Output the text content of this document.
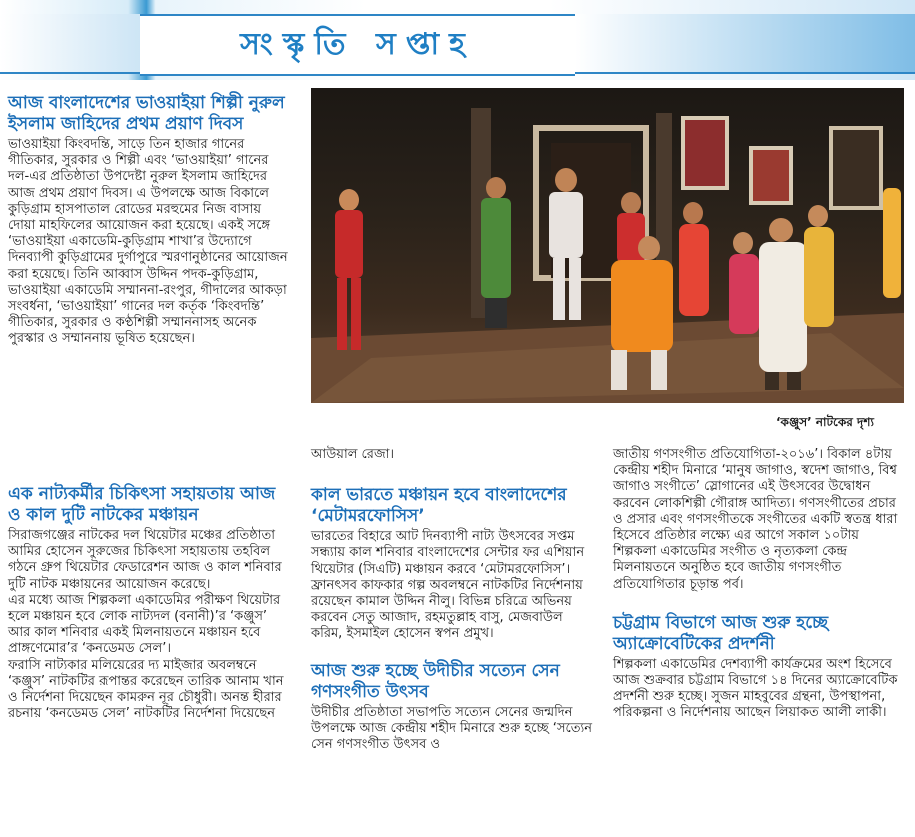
সংস্কৃতি সপ্তাহ
আজ বাংলাদেশের ভাওয়াইয়া শিল্পী নুরুল ইসলাম জাহিদের প্রথম প্রয়াণ দিবস

ভাওয়াইয়া কিংবদন্তি, সাড়ে তিন হাজার গানের গীতিকার, সুরকার ও শিল্পী এবং ‘ভাওয়াইয়া’ গানের দল-এর প্রতিষ্ঠাতা উপদেষ্টা নুরুল ইসলাম জাহিদের আজ প্রথম প্রয়াণ দিবস। এ উপলক্ষে আজ বিকালে কুড়িগ্রাম হাসপাতাল রোডের মরহুমের নিজ বাসায় দোয়া মাহফিলের আয়োজন করা হয়েছে। একই সঙ্গে ‘ভাওয়াইয়া একাডেমি-কুড়িগ্রাম শাখা’র উদ্যোগে দিনব্যাপী কুড়িগ্রামের দুর্গাপুরে স্মরণানুষ্ঠানের আয়োজন করা হয়েছে। তিনি আব্বাস উদ্দিন পদক-কুড়িগ্রাম, ভাওয়াইয়া একাডেমি সম্মাননা-রংপুর, গীদালের আকড়া সংবর্ধনা, ‘ভাওয়াইয়া’ গানের দল কর্তৃক ‘কিংবদন্তি’ গীতিকার, সুরকার ও কণ্ঠশিল্পী সম্মাননাসহ অনেক পুরস্কার ও সম্মাননায় ভূষিত হয়েছেন।

এক নাট্যকর্মীর চিকিৎসা সহায়তায় আজ ও কাল দুটি নাটকের মঞ্চায়ন

সিরাজগঞ্জের নাটকের দল থিয়েটার মঞ্চের প্রতিষ্ঠাতা আমির হোসেন সুরুজের চিকিৎসা সহায়তায় তহবিল গঠনে গ্রুপ থিয়েটার ফেডারেশন আজ ও কাল শনিবার দুটি নাটক মঞ্চায়নের আয়োজন করেছে।

এর মধ্যে আজ শিল্পকলা একাডেমির পরীক্ষণ থিয়েটার হলে মঞ্চায়ন হবে লোক নাট্যদল (বনানী)’র ‘কঞ্জুস’ আর কাল শনিবার একই মিলনায়তনে মঞ্চায়ন হবে প্রাঙ্গণেমোর’র ‘কনডেমড সেল’।

ফরাসি নাট্যকার মলিয়েরের দ্য মাইজার অবলম্বনে ‘কঞ্জুস’ নাটকটির রূপান্তর করেছেন তারিক আনাম খান ও নির্দেশনা দিয়েছেন কামরুন নূর চৌধুরী। অনন্ত হীরার রচনায় ‘কনডেমড সেল’ নাটকটির নির্দেশনা দিয়েছেন

‘কঞ্জুস’ নাটকের দৃশ্য

আউয়াল রেজা।

কাল ভারতে মঞ্চায়ন হবে বাংলাদেশের ‘মেটামরফোসিস’

ভারতের বিহারে আট দিনব্যাপী নাট্য উৎসবের সপ্তম সন্ধ্যায় কাল শনিবার বাংলাদেশের সেন্টার ফর এশিয়ান থিয়েটার (সিএটি) মঞ্চায়ন করবে ‘মেটামরফোসিস’।

ফ্রানৎসব কাফকার গল্প অবলম্বনে নাটকটির নির্দেশনায় রয়েছেন কামাল উদ্দিন নীলু। বিভিন্ন চরিত্রে অভিনয় করবেন সেতু আজাদ, রহমতুল্লাহ বাসু, মেজবাউল করিম, ইসমাইল হোসেন স্বপন প্রমুখ।

আজ শুরু হচ্ছে উদীচীর সত্যেন সেন গণসংগীত উৎসব

উদীচীর প্রতিষ্ঠাতা সভাপতি সত্যেন সেনের জন্মদিন উপলক্ষে আজ কেন্দ্রীয় শহীদ মিনারে শুরু হচ্ছে ‘সত্যেন সেন গণসংগীত উৎসব ও

জাতীয় গণসংগীত প্রতিযোগিতা-২০১৬’। বিকাল ৪টায় কেন্দ্রীয় শহীদ মিনারে ‘মানুষ জাগাও, স্বদেশ জাগাও, বিশ্ব জাগাও সংগীতে’ স্লোগানের এই উৎসবের উদ্বোধন করবেন লোকশিল্পী গৌরাঙ্গ আদিত্য। গণসংগীতের প্রচার ও প্রসার এবং গণসংগীতকে সংগীতের একটি স্বতন্ত্র ধারা হিসেবে প্রতিষ্ঠার লক্ষ্যে এর আগে সকাল ১০টায় শিল্পকলা একাডেমির সংগীত ও নৃত্যকলা কেন্দ্র মিলনায়তনে অনুষ্ঠিত হবে জাতীয় গণসংগীত প্রতিযোগিতার চূড়ান্ত পর্ব।

চট্টগ্রাম বিভাগে আজ শুরু হচ্ছে অ্যাক্রোবেটিকের প্রদর্শনী

শিল্পকলা একাডেমির দেশব্যাপী কার্যক্রমের অংশ হিসেবে আজ শুক্রবার চট্টগ্রাম বিভাগে ১৪ দিনের অ্যাক্রোবেটিক প্রদর্শনী শুরু হচ্ছে। সুজন মাহবুবের গ্রন্থনা, উপস্থাপনা, পরিকল্পনা ও নির্দেশনায় আছেন লিয়াকত আলী লাকী।
